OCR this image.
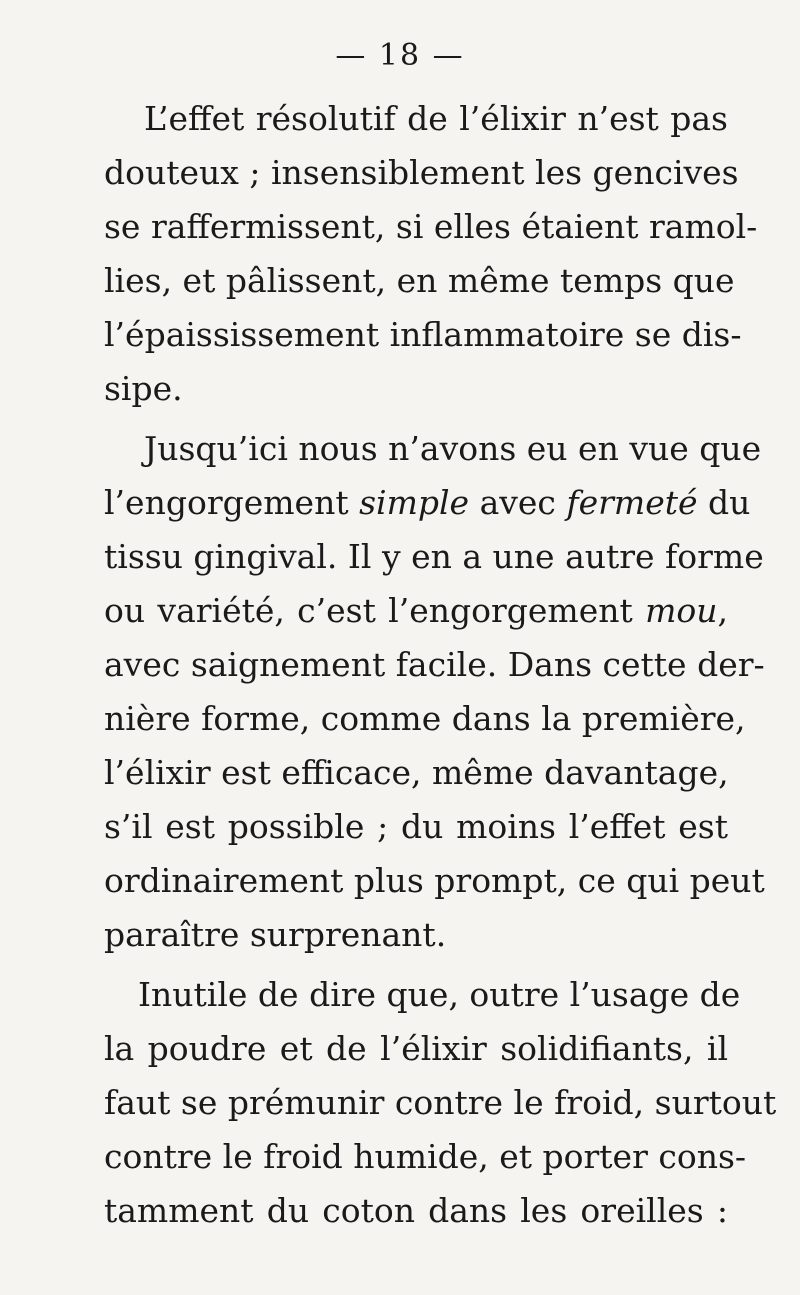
— 18 —
L’effet résolutif de l’élixir n’est pas
douteux ; insensiblement les gencives
se raffermissent, si elles étaient ramol-
lies, et pâlissent, en même temps que
l’épaississement inflammatoire se dis-
sipe.
Jusqu’ici nous n’avons eu en vue que
l’engorgement simple avec fermeté du
tissu gingival. Il y en a une autre forme
ou variété, c’est l’engorgement mou,
avec saignement facile. Dans cette der-
nière forme, comme dans la première,
l’élixir est efficace, même davantage,
s’il est possible ; du moins l’effet est
ordinairement plus prompt, ce qui peut
paraître surprenant.
Inutile de dire que, outre l’usage de
la poudre et de l’élixir solidifiants, il
faut se prémunir contre le froid, surtout
contre le froid humide, et porter cons-
tamment du coton dans les oreilles :
